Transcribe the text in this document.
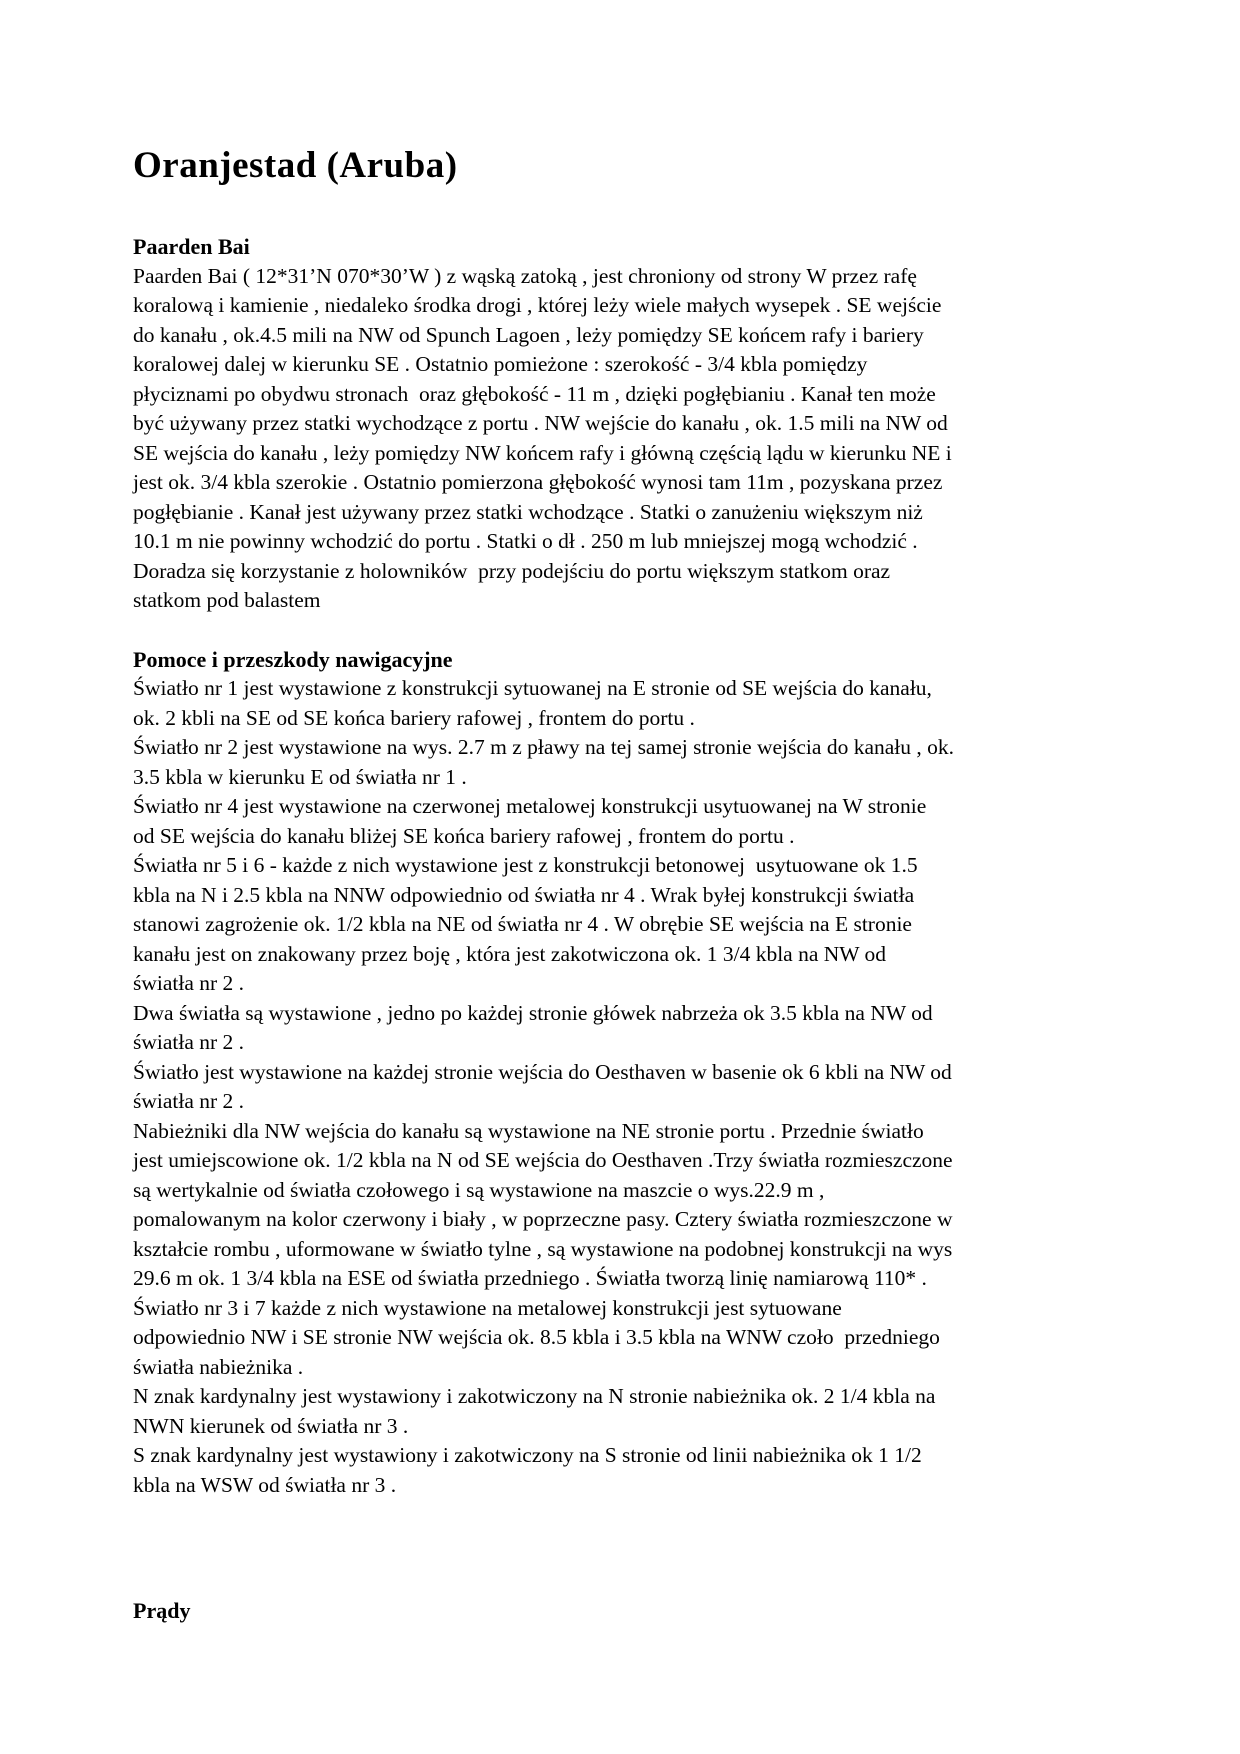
Oranjestad (Aruba)
Paarden Bai
Paarden Bai ( 12*31’N 070*30’W ) z wąską zatoką , jest chroniony od strony W przez rafę
koralową i kamienie , niedaleko środka drogi , której leży wiele małych wysepek . SE wejście
do kanału , ok.4.5 mili na NW od Spunch Lagoen , leży pomiędzy SE końcem rafy i bariery
koralowej dalej w kierunku SE . Ostatnio pomieżone : szerokość - 3/4 kbla pomiędzy
płyciznami po obydwu stronach  oraz głębokość - 11 m , dzięki pogłębianiu . Kanał ten może
być używany przez statki wychodzące z portu . NW wejście do kanału , ok. 1.5 mili na NW od
SE wejścia do kanału , leży pomiędzy NW końcem rafy i główną częścią lądu w kierunku NE i
jest ok. 3/4 kbla szerokie . Ostatnio pomierzona głębokość wynosi tam 11m , pozyskana przez
pogłębianie . Kanał jest używany przez statki wchodzące . Statki o zanużeniu większym niż
10.1 m nie powinny wchodzić do portu . Statki o dł . 250 m lub mniejszej mogą wchodzić .
Doradza się korzystanie z holowników  przy podejściu do portu większym statkom oraz
statkom pod balastem
Pomoce i przeszkody nawigacyjne
Światło nr 1 jest wystawione z konstrukcji sytuowanej na E stronie od SE wejścia do kanału,
ok. 2 kbli na SE od SE końca bariery rafowej , frontem do portu .
Światło nr 2 jest wystawione na wys. 2.7 m z pławy na tej samej stronie wejścia do kanału , ok.
3.5 kbla w kierunku E od światła nr 1 .
Światło nr 4 jest wystawione na czerwonej metalowej konstrukcji usytuowanej na W stronie
od SE wejścia do kanału bliżej SE końca bariery rafowej , frontem do portu .
Światła nr 5 i 6 - każde z nich wystawione jest z konstrukcji betonowej  usytuowane ok 1.5
kbla na N i 2.5 kbla na NNW odpowiednio od światła nr 4 . Wrak byłej konstrukcji światła
stanowi zagrożenie ok. 1/2 kbla na NE od światła nr 4 . W obrębie SE wejścia na E stronie
kanału jest on znakowany przez boję , która jest zakotwiczona ok. 1 3/4 kbla na NW od
światła nr 2 .
Dwa światła są wystawione , jedno po każdej stronie główek nabrzeża ok 3.5 kbla na NW od
światła nr 2 .
Światło jest wystawione na każdej stronie wejścia do Oesthaven w basenie ok 6 kbli na NW od
światła nr 2 .
Nabieżniki dla NW wejścia do kanału są wystawione na NE stronie portu . Przednie światło
jest umiejscowione ok. 1/2 kbla na N od SE wejścia do Oesthaven .Trzy światła rozmieszczone
są wertykalnie od światła czołowego i są wystawione na maszcie o wys.22.9 m ,
pomalowanym na kolor czerwony i biały , w poprzeczne pasy. Cztery światła rozmieszczone w
kształcie rombu , uformowane w światło tylne , są wystawione na podobnej konstrukcji na wys
29.6 m ok. 1 3/4 kbla na ESE od światła przedniego . Światła tworzą linię namiarową 110* .
Światło nr 3 i 7 każde z nich wystawione na metalowej konstrukcji jest sytuowane
odpowiednio NW i SE stronie NW wejścia ok. 8.5 kbla i 3.5 kbla na WNW czoło  przedniego
światła nabieżnika .
N znak kardynalny jest wystawiony i zakotwiczony na N stronie nabieżnika ok. 2 1/4 kbla na
NWN kierunek od światła nr 3 .
S znak kardynalny jest wystawiony i zakotwiczony na S stronie od linii nabieżnika ok 1 1/2
kbla na WSW od światła nr 3 .
Prądy
